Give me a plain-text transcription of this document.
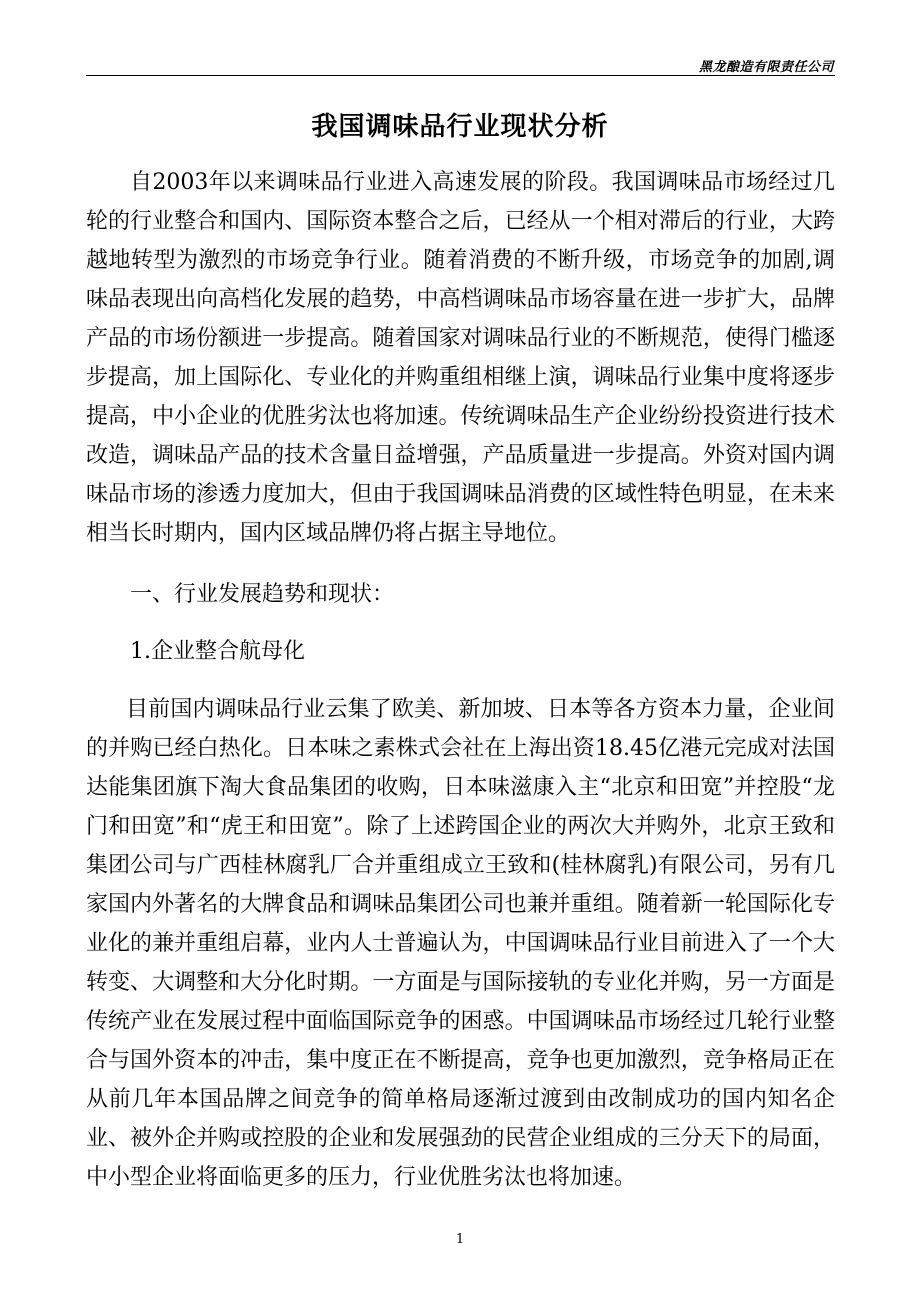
黑龙酿造有限责任公司
我国调味品行业现状分析

自2003年以来调味品行业进入高速发展的阶段。我国调味品市场经过几轮的行业整合和国内、国际资本整合之后，已经从一个相对滞后的行业，大跨越地转型为激烈的市场竞争行业。随着消费的不断升级，市场竞争的加剧,调味品表现出向高档化发展的趋势，中高档调味品市场容量在进一步扩大，品牌产品的市场份额进一步提高。随着国家对调味品行业的不断规范，使得门槛逐步提高，加上国际化、专业化的并购重组相继上演，调味品行业集中度将逐步提高，中小企业的优胜劣汰也将加速。传统调味品生产企业纷纷投资进行技术改造，调味品产品的技术含量日益增强，产品质量进一步提高。外资对国内调味品市场的渗透力度加大，但由于我国调味品消费的区域性特色明显，在未来相当长时期内，国内区域品牌仍将占据主导地位。

一、行业发展趋势和现状：
1.企业整合航母化

目前国内调味品行业云集了欧美、新加坡、日本等各方资本力量，企业间的并购已经白热化。日本味之素株式会社在上海出资18.45亿港元完成对法国达能集团旗下淘大食品集团的收购，日本味滋康入主“北京和田宽”并控股“龙门和田宽”和“虎王和田宽”。除了上述跨国企业的两次大并购外，北京王致和集团公司与广西桂林腐乳厂合并重组成立王致和(桂林腐乳)有限公司，另有几家国内外著名的大牌食品和调味品集团公司也兼并重组。随着新一轮国际化专业化的兼并重组启幕，业内人士普遍认为，中国调味品行业目前进入了一个大转变、大调整和大分化时期。一方面是与国际接轨的专业化并购，另一方面是传统产业在发展过程中面临国际竞争的困惑。中国调味品市场经过几轮行业整合与国外资本的冲击，集中度正在不断提高，竞争也更加激烈，竞争格局正在从前几年本国品牌之间竞争的简单格局逐渐过渡到由改制成功的国内知名企业、被外企并购或控股的企业和发展强劲的民营企业组成的三分天下的局面，中小型企业将面临更多的压力，行业优胜劣汰也将加速。

1
